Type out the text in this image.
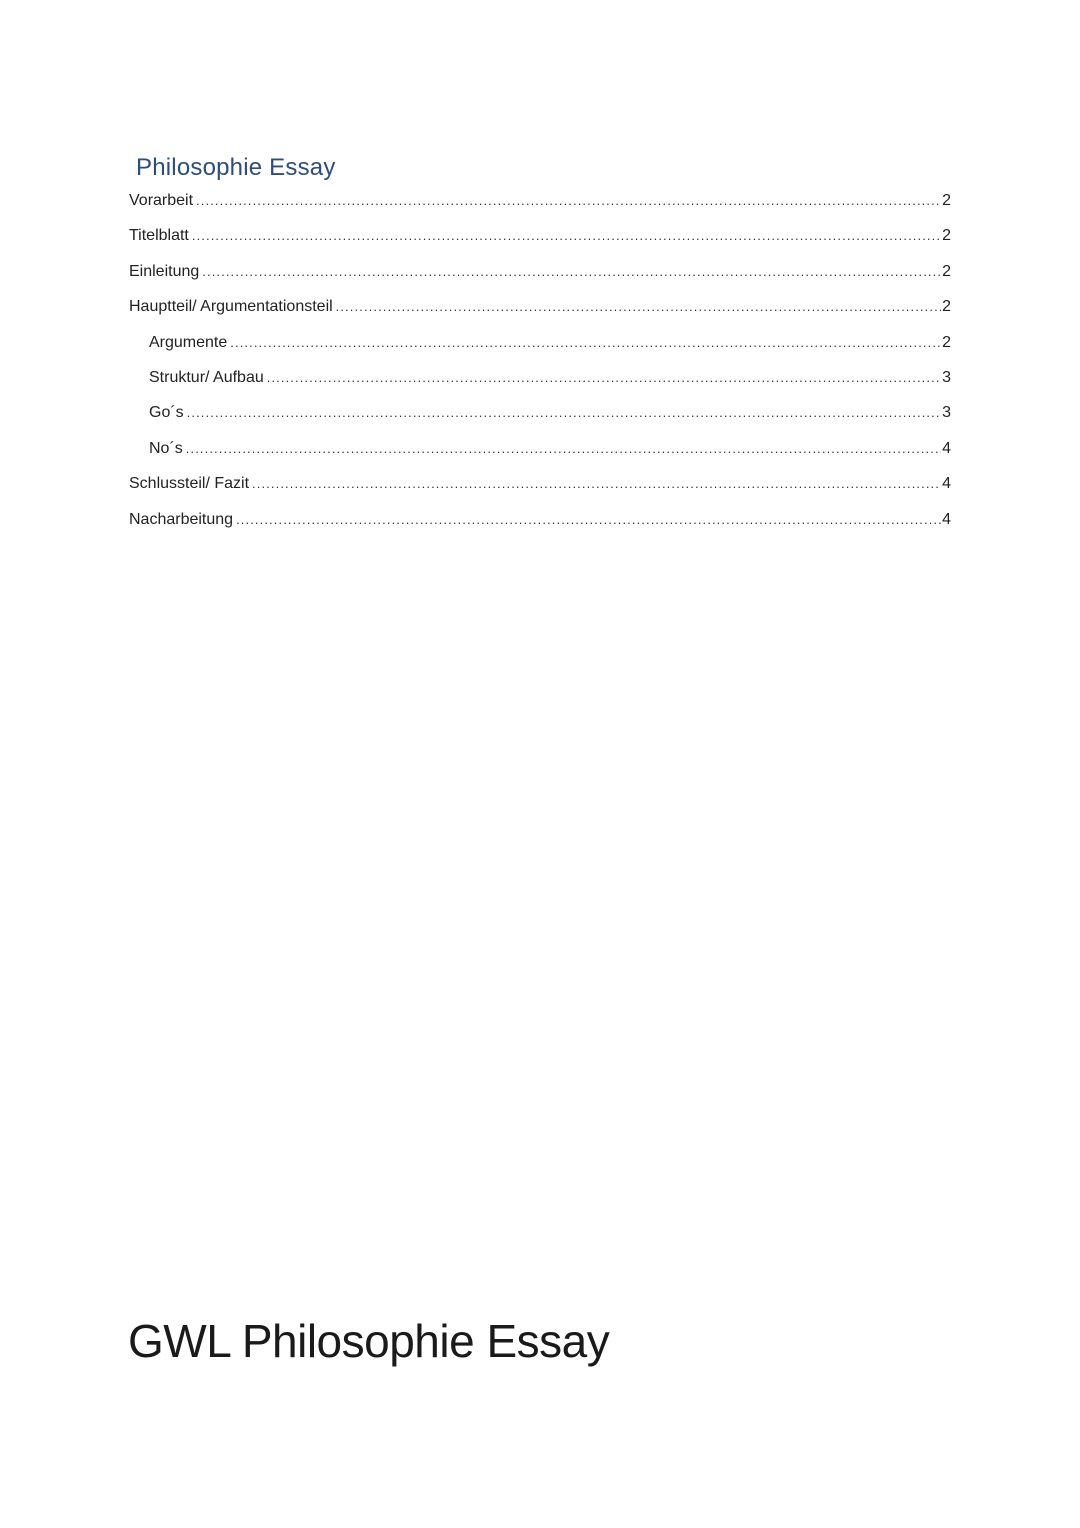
Philosophie Essay
Vorarbeit .....	2
Titelblatt .....	2
Einleitung .....	2
Hauptteil/ Argumentationsteil .....	2
Argumente .....	2
Struktur/ Aufbau .....	3
Go´s .....	3
No´s .....	4
Schlussteil/ Fazit .....	4
Nacharbeitung .....	4
GWL Philosophie Essay
